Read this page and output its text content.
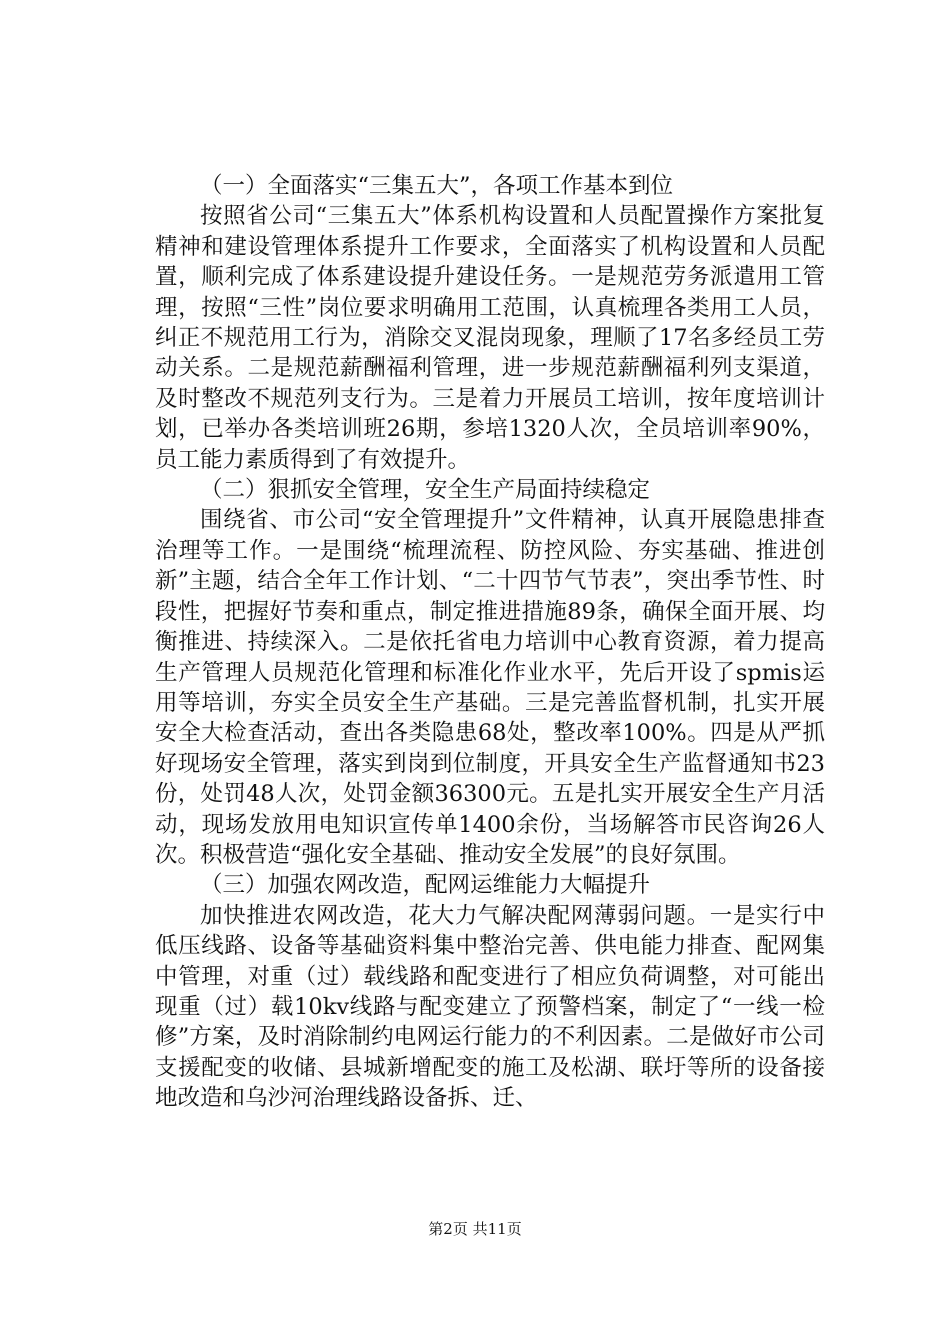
（一）全面落实“三集五大”，各项工作基本到位

按照省公司“三集五大”体系机构设置和人员配置操作方案批复精神和建设管理体系提升工作要求，全面落实了机构设置和人员配置，顺利完成了体系建设提升建设任务。一是规范劳务派遣用工管理，按照“三性”岗位要求明确用工范围，认真梳理各类用工人员，纠正不规范用工行为，消除交叉混岗现象，理顺了17名多经员工劳动关系。二是规范薪酬福利管理，进一步规范薪酬福利列支渠道，及时整改不规范列支行为。三是着力开展员工培训，按年度培训计划，已举办各类培训班26期，参培1320人次，全员培训率90%，员工能力素质得到了有效提升。

（二）狠抓安全管理，安全生产局面持续稳定

围绕省、市公司“安全管理提升”文件精神，认真开展隐患排查治理等工作。一是围绕“梳理流程、防控风险、夯实基础、推进创新”主题，结合全年工作计划、“二十四节气节表”，突出季节性、时段性，把握好节奏和重点，制定推进措施89条，确保全面开展、均衡推进、持续深入。二是依托省电力培训中心教育资源，着力提高生产管理人员规范化管理和标准化作业水平，先后开设了spmis运用等培训，夯实全员安全生产基础。三是完善监督机制，扎实开展安全大检查活动，查出各类隐患68处，整改率100%。四是从严抓好现场安全管理，落实到岗到位制度，开具安全生产监督通知书23份，处罚48人次，处罚金额36300元。五是扎实开展安全生产月活动，现场发放用电知识宣传单1400余份，当场解答市民咨询26人次。积极营造“强化安全基础、推动安全发展”的良好氛围。

（三）加强农网改造，配网运维能力大幅提升

加快推进农网改造，花大力气解决配网薄弱问题。一是实行中低压线路、设备等基础资料集中整治完善、供电能力排查、配网集中管理，对重（过）载线路和配变进行了相应负荷调整，对可能出现重（过）载10kv线路与配变建立了预警档案，制定了“一线一检修”方案，及时消除制约电网运行能力的不利因素。二是做好市公司支援配变的收储、县城新增配变的施工及松湖、联圩等所的设备接地改造和乌沙河治理线路设备拆、迁、

第2页 共11页
